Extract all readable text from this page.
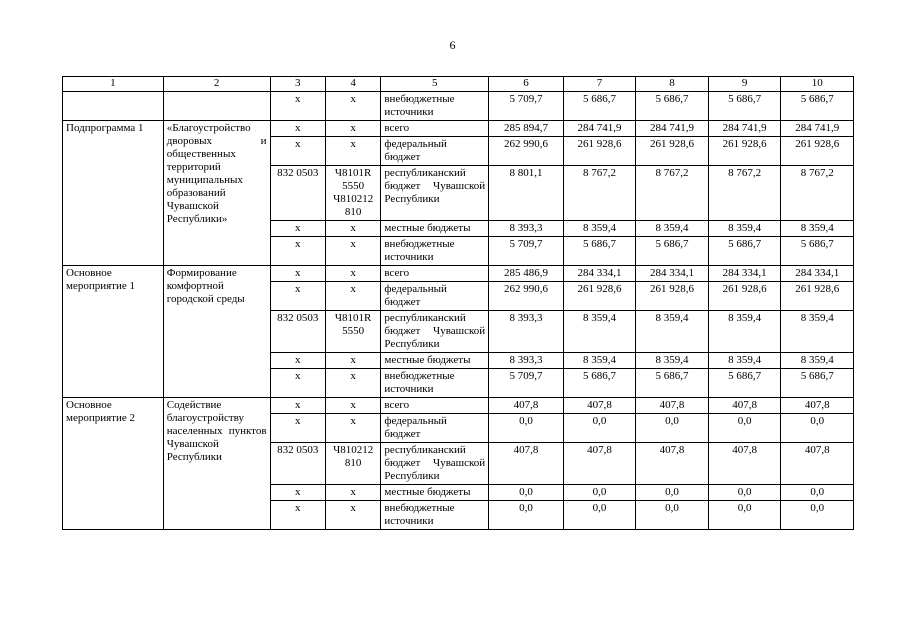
6
1	2	3	4	5	6	7	8	9	10
		х	х	внебюджетные источники	5 709,7	5 686,7	5 686,7	5 686,7	5 686,7
Подпрограмма 1	«Благоустройство дворовых и общественных территорий муниципальных образований Чувашской Республики»	х	х	всего	285 894,7	284 741,9	284 741,9	284 741,9	284 741,9
		х	х	федеральный бюджет	262 990,6	261 928,6	261 928,6	261 928,6	261 928,6
		832 0503	Ч8101R 5550 Ч810212 810	республиканский бюджет Чувашской Республики	8 801,1	8 767,2	8 767,2	8 767,2	8 767,2
		х	х	местные бюджеты	8 393,3	8 359,4	8 359,4	8 359,4	8 359,4
		х	х	внебюджетные источники	5 709,7	5 686,7	5 686,7	5 686,7	5 686,7
Основное мероприятие 1	Формирование комфортной городской среды	х	х	всего	285 486,9	284 334,1	284 334,1	284 334,1	284 334,1
		х	х	федеральный бюджет	262 990,6	261 928,6	261 928,6	261 928,6	261 928,6
		832 0503	Ч8101R 5550	республиканский бюджет Чувашской Республики	8 393,3	8 359,4	8 359,4	8 359,4	8 359,4
		х	х	местные бюджеты	8 393,3	8 359,4	8 359,4	8 359,4	8 359,4
		х	х	внебюджетные источники	5 709,7	5 686,7	5 686,7	5 686,7	5 686,7
Основное мероприятие 2	Содействие благоустройству населенных пунктов Чувашской Республики	х	х	всего	407,8	407,8	407,8	407,8	407,8
		х	х	федеральный бюджет	0,0	0,0	0,0	0,0	0,0
		832 0503	Ч810212 810	республиканский бюджет Чувашской Республики	407,8	407,8	407,8	407,8	407,8
		х	х	местные бюджеты	0,0	0,0	0,0	0,0	0,0
		х	х	внебюджетные источники	0,0	0,0	0,0	0,0	0,0
